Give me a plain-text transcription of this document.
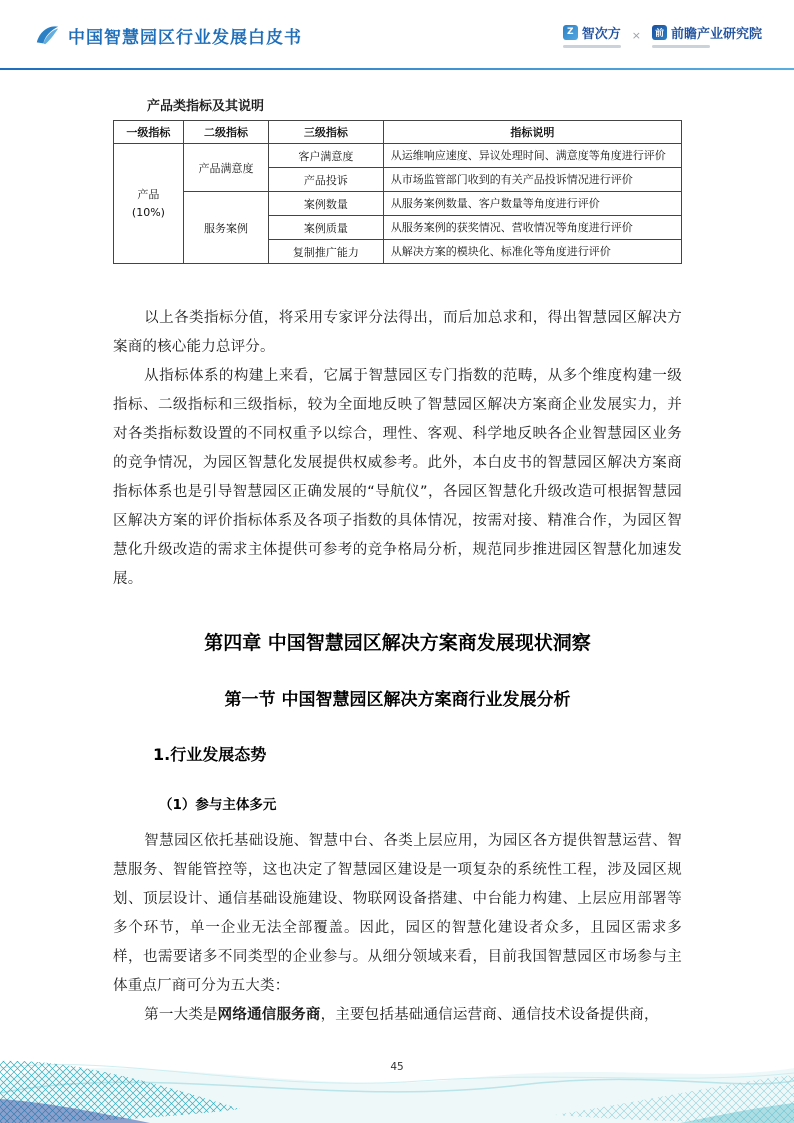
中国智慧园区行业发展白皮书	Z 智次方 ×	前 前瞻产业研究院
产品类指标及其说明
一级指标	二级指标	三级指标	指标说明

产品
(10%)	产品满意度	客户满意度	从运维响应速度、异议处理时间、满意度等角度进行评价
		产品投诉	从市场监管部门收到的有关产品投诉情况进行评价
	服务案例	案例数量	从服务案例数量、客户数量等角度进行评价
		案例质量	从服务案例的获奖情况、营收情况等角度进行评价
		复制推广能力	从解决方案的模块化、标准化等角度进行评价

以上各类指标分值，将采用专家评分法得出，而后加总求和，得出智慧园区解决方案商的核心能力总评分。

从指标体系的构建上来看，它属于智慧园区专门指数的范畴，从多个维度构建一级指标、二级指标和三级指标，较为全面地反映了智慧园区解决方案商企业发展实力，并对各类指标数设置的不同权重予以综合，理性、客观、科学地反映各企业智慧园区业务的竞争情况，为园区智慧化发展提供权威参考。此外，本白皮书的智慧园区解决方案商指标体系也是引导智慧园区正确发展的“导航仪”，各园区智慧化升级改造可根据智慧园区解决方案的评价指标体系及各项子指数的具体情况，按需对接、精准合作，为园区智慧化升级改造的需求主体提供可参考的竞争格局分析，规范同步推进园区智慧化加速发展。

第四章 中国智慧园区解决方案商发展现状洞察
第一节 中国智慧园区解决方案商行业发展分析
1.行业发展态势
（1）参与主体多元

智慧园区依托基础设施、智慧中台、各类上层应用，为园区各方提供智慧运营、智慧服务、智能管控等，这也决定了智慧园区建设是一项复杂的系统性工程，涉及园区规划、顶层设计、通信基础设施建设、物联网设备搭建、中台能力构建、上层应用部署等多个环节，单一企业无法全部覆盖。因此，园区的智慧化建设者众多，且园区需求多样，也需要诸多不同类型的企业参与。从细分领域来看，目前我国智慧园区市场参与主体重点厂商可分为五大类：

第一大类是网络通信服务商，主要包括基础通信运营商、通信技术设备提供商，

45
